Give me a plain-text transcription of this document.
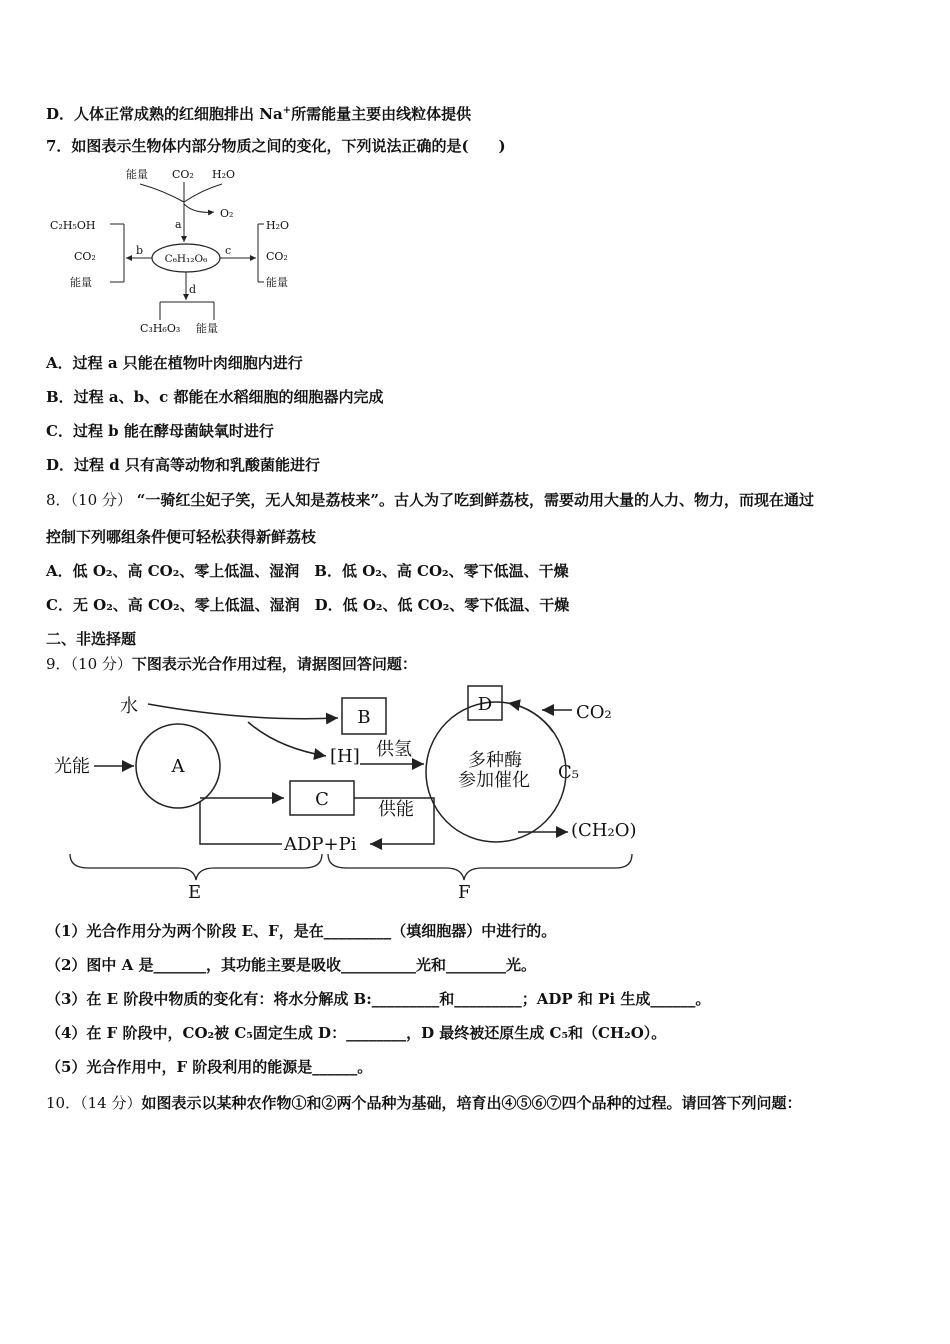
D．人体正常成熟的红细胞排出 Na+所需能量主要由线粒体提供
7．如图表示生物体内部分物质之间的变化，下列说法正确的是(　　)
能量 CO₂ H₂O
O₂
a
b	c
d
C₂H₅OH
CO₂
能量
H₂O
CO₂
能量
C₃H₆O₃ 能量
C₆H₁₂O₆
A．过程 a 只能在植物叶肉细胞内进行
B．过程 a、b、c 都能在水稻细胞的细胞器内完成
C．过程 b 能在酵母菌缺氧时进行
D．过程 d 只有高等动物和乳酸菌能进行
8．（10 分） “一骑红尘妃子笑，无人知是荔枝来”。古人为了吃到鲜荔枝，需要动用大量的人力、物力，而现在通过
控制下列哪组条件便可轻松获得新鲜荔枝
A．低 O₂、高 CO₂、零上低温、湿润　B．低 O₂、高 CO₂、零下低温、干燥
C．无 O₂、高 CO₂、零上低温、湿润　D．低 O₂、低 CO₂、零下低温、干燥
二、非选择题
9．（10 分）下图表示光合作用过程，请据图回答问题：
水
光能	[H] 供氢
供能
多种酶
参加催化
CO₂
C₅
(CH₂O)
ADP+Pi
E	F
A
B
C
D
（1）光合作用分为两个阶段 E、F，是在_________（填细胞器）中进行的。
（2）图中 A 是_______，其功能主要是吸收__________光和________光。
（3）在 E 阶段中物质的变化有：将水分解成 B:_________和_________；ADP 和 Pi 生成______。
（4）在 F 阶段中，CO₂被 C₅固定生成 D：________，D 最终被还原生成 C₅和（CH₂O）。
（5）光合作用中，F 阶段利用的能源是______。
10．（14 分）如图表示以某种农作物①和②两个品种为基础，培育出④⑤⑥⑦四个品种的过程。请回答下列问题：
